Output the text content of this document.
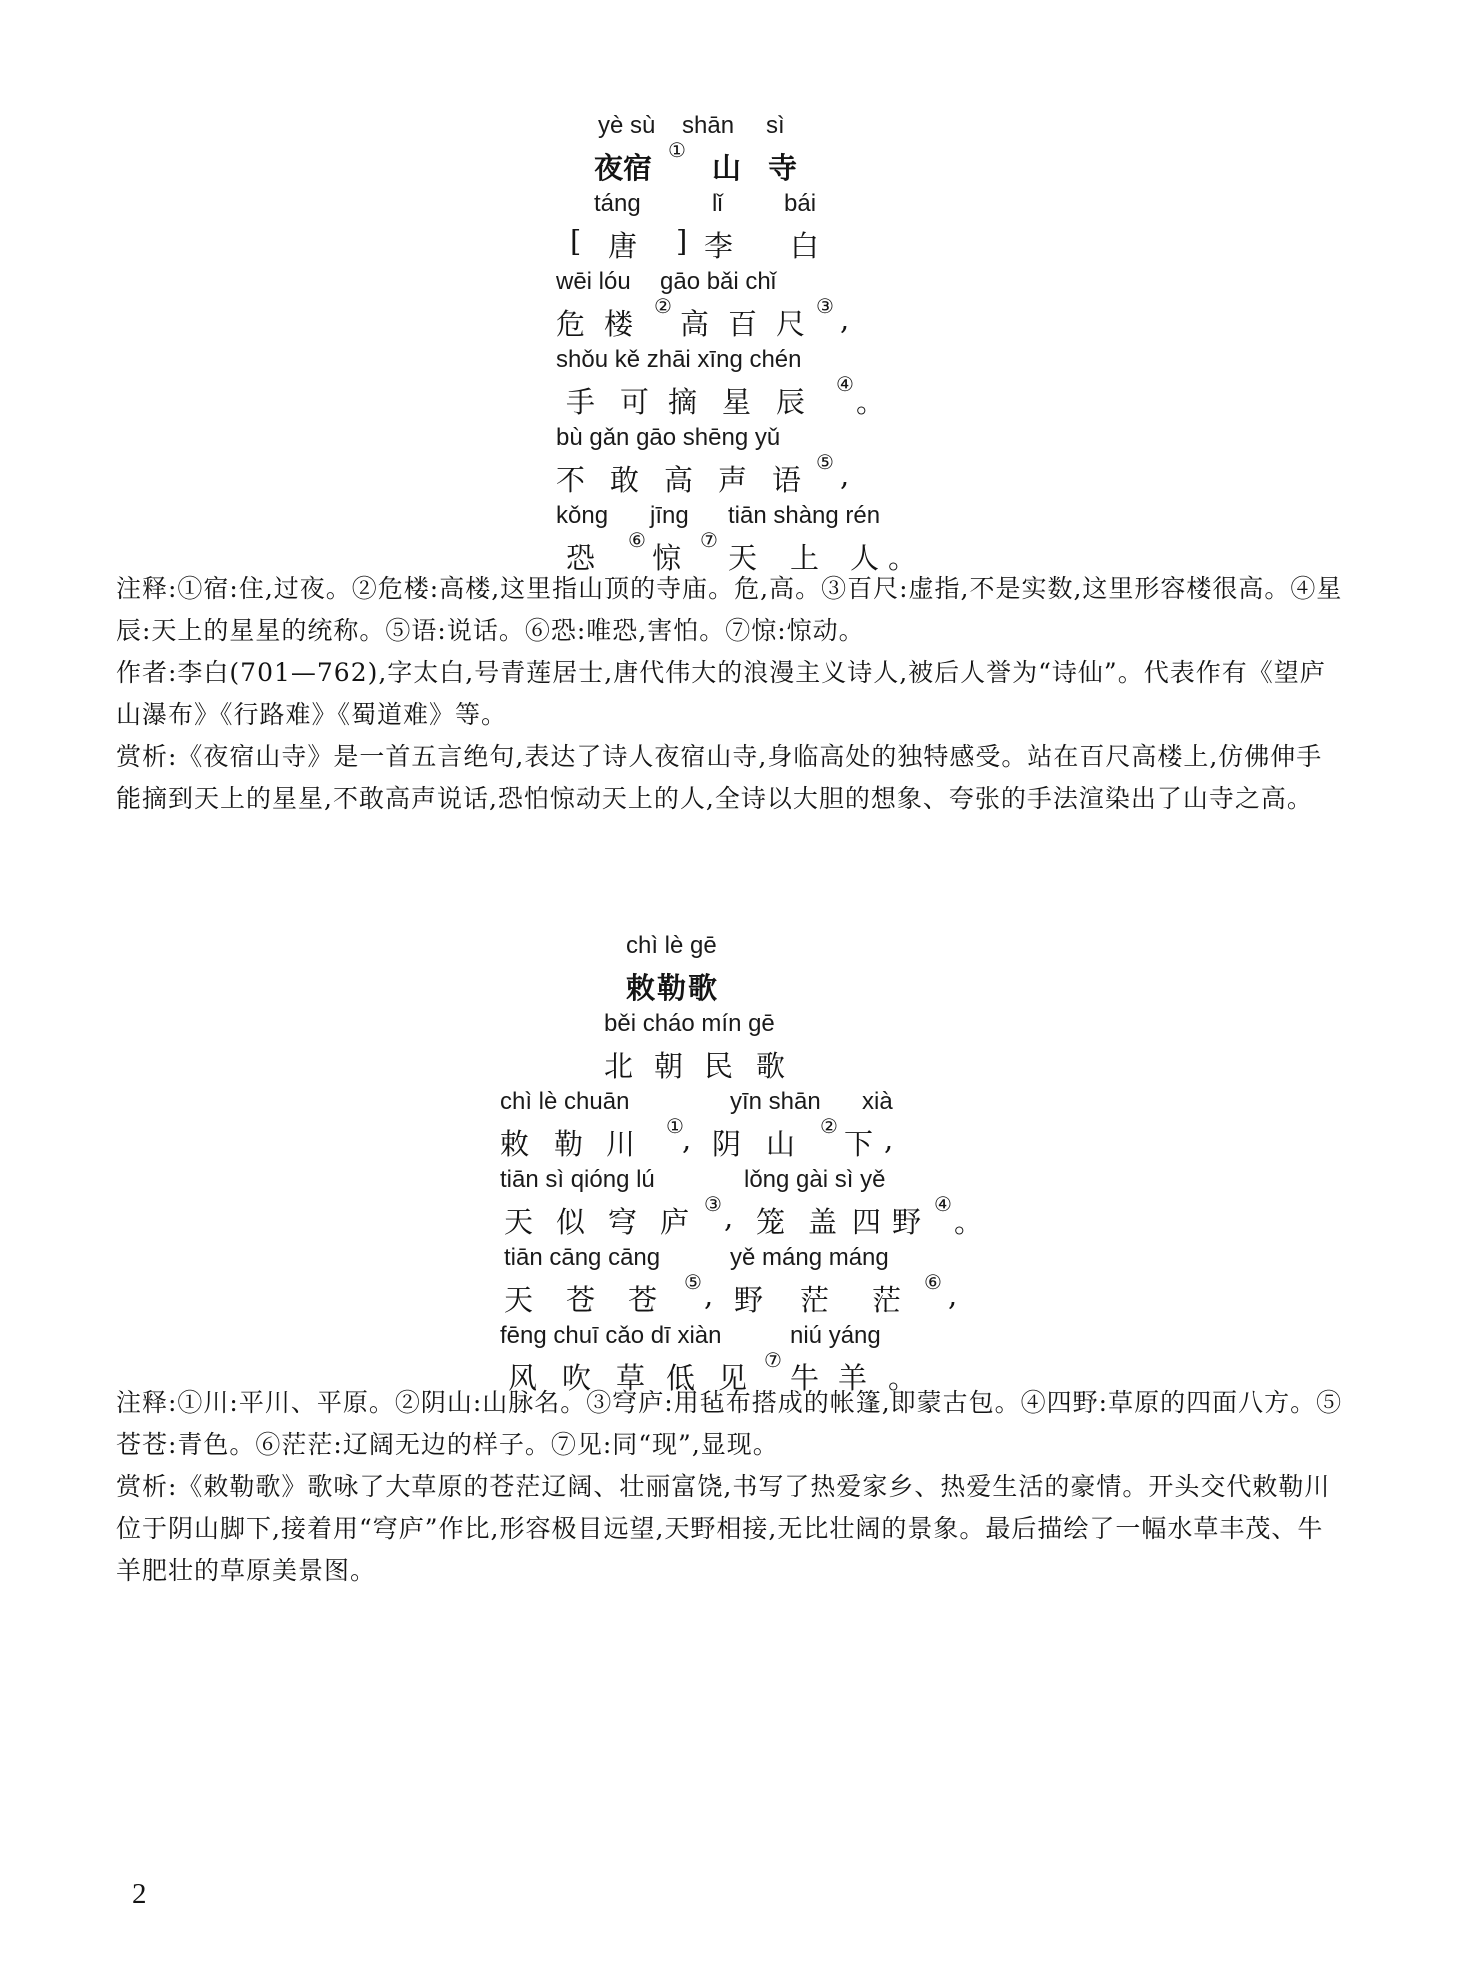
yè sù shān sì
夜宿
①
山 寺
táng	lǐ	bái
[ 唐 ] 李 白
wēi lóu gāo bǎi chǐ
危 楼
②
高 百 尺
③ ,
shǒu kě zhāi xīng chén
手 可 摘 星 辰
④
。
bù gǎn gāo shēng yǔ
不 敢 高 声 语
⑤ ,
kǒng jīng tiān shàng rén
恐
⑥
惊
⑦
天 上 人 。

注释:①宿:住,过夜。②危楼:高楼,这里指山顶的寺庙。危,高。③百尺:虚指,不是实数,这里形容楼很高。④星辰:天上的星星的统称。⑤语:说话。⑥恐:唯恐,害怕。⑦惊:惊动。

作者:李白(701—762),字太白,号青莲居士,唐代伟大的浪漫主义诗人,被后人誉为“诗仙”。代表作有《望庐山瀑布》《行路难》《蜀道难》等。

赏析:《夜宿山寺》是一首五言绝句,表达了诗人夜宿山寺,身临高处的独特感受。站在百尺高楼上,仿佛伸手能摘到天上的星星,不敢高声说话,恐怕惊动天上的人,全诗以大胆的想象、夸张的手法渲染出了山寺之高。

chì lè gē
敕勒歌
běi cháo mín gē
北 朝 民 歌
chì lè chuān	yīn shān xià
敕 勒 川
①
, 阴 山
②
下 ,
tiān sì qióng lú	lǒng gài sì yě
天 似 穹 庐
③ , 笼 盖 四 野
④
。
tiān cāng cāng	yě máng máng
天 苍 苍
⑤ , 野 茫 茫
⑥ ,
fēng chuī cǎo dī xiàn	niú yáng
风 吹 草 低 见
⑦
牛 羊 。

注释:①川:平川、平原。②阴山:山脉名。③穹庐:用毡布搭成的帐篷,即蒙古包。④四野:草原的四面八方。⑤苍苍:青色。⑥茫茫:辽阔无边的样子。⑦见:同“现”,显现。

赏析:《敕勒歌》歌咏了大草原的苍茫辽阔、壮丽富饶,书写了热爱家乡、热爱生活的豪情。开头交代敕勒川位于阴山脚下,接着用“穹庐”作比,形容极目远望,天野相接,无比壮阔的景象。最后描绘了一幅水草丰茂、牛羊肥壮的草原美景图。

2
